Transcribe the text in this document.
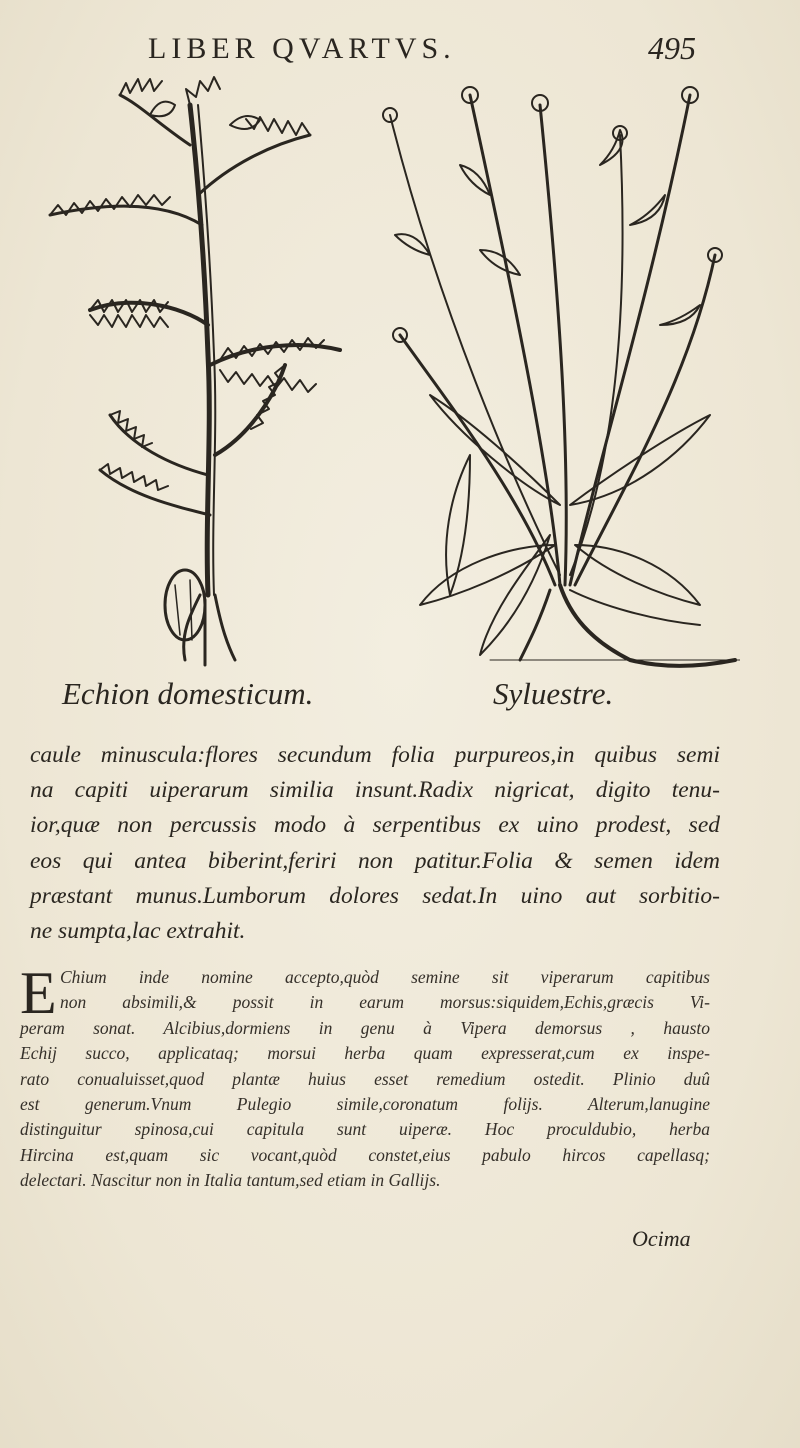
LIBER QVARTVS.	495
Echion domesticum.	Syluestre.
caule minuscula:flores secundum folia purpureos,in quibus semi
na capiti uiperarum similia insunt.Radix nigricat, digito tenu-
ior,quæ non percussis modo à serpentibus ex uino prodest, sed
eos qui antea biberint,feriri non patitur.Folia & semen idem
præstant munus.Lumborum dolores sedat.In uino aut sorbitio-
ne sumpta,lac extrahit.
E Chium inde nomine accepto,quòd semine sit viperarum capitibus
non absimili,& possit in earum morsus:siquidem,Echis,græcis Vi-
peram sonat. Alcibius,dormiens in genu à Vipera demorsus , hausto
Echij succo, applicataq; morsui herba quam expresserat,cum ex inspe-
rato conualuisset,quod plantæ huius esset remedium ostedit. Plinio duû
est generum.Vnum Pulegio simile,coronatum folijs. Alterum,lanugine
distinguitur spinosa,cui capitula sunt uiperæ. Hoc proculdubio, herba
Hircina est,quam sic vocant,quòd constet,eius pabulo hircos capellasq;
delectari. Nascitur non in Italia tantum,sed etiam in Gallijs.
Ocima
